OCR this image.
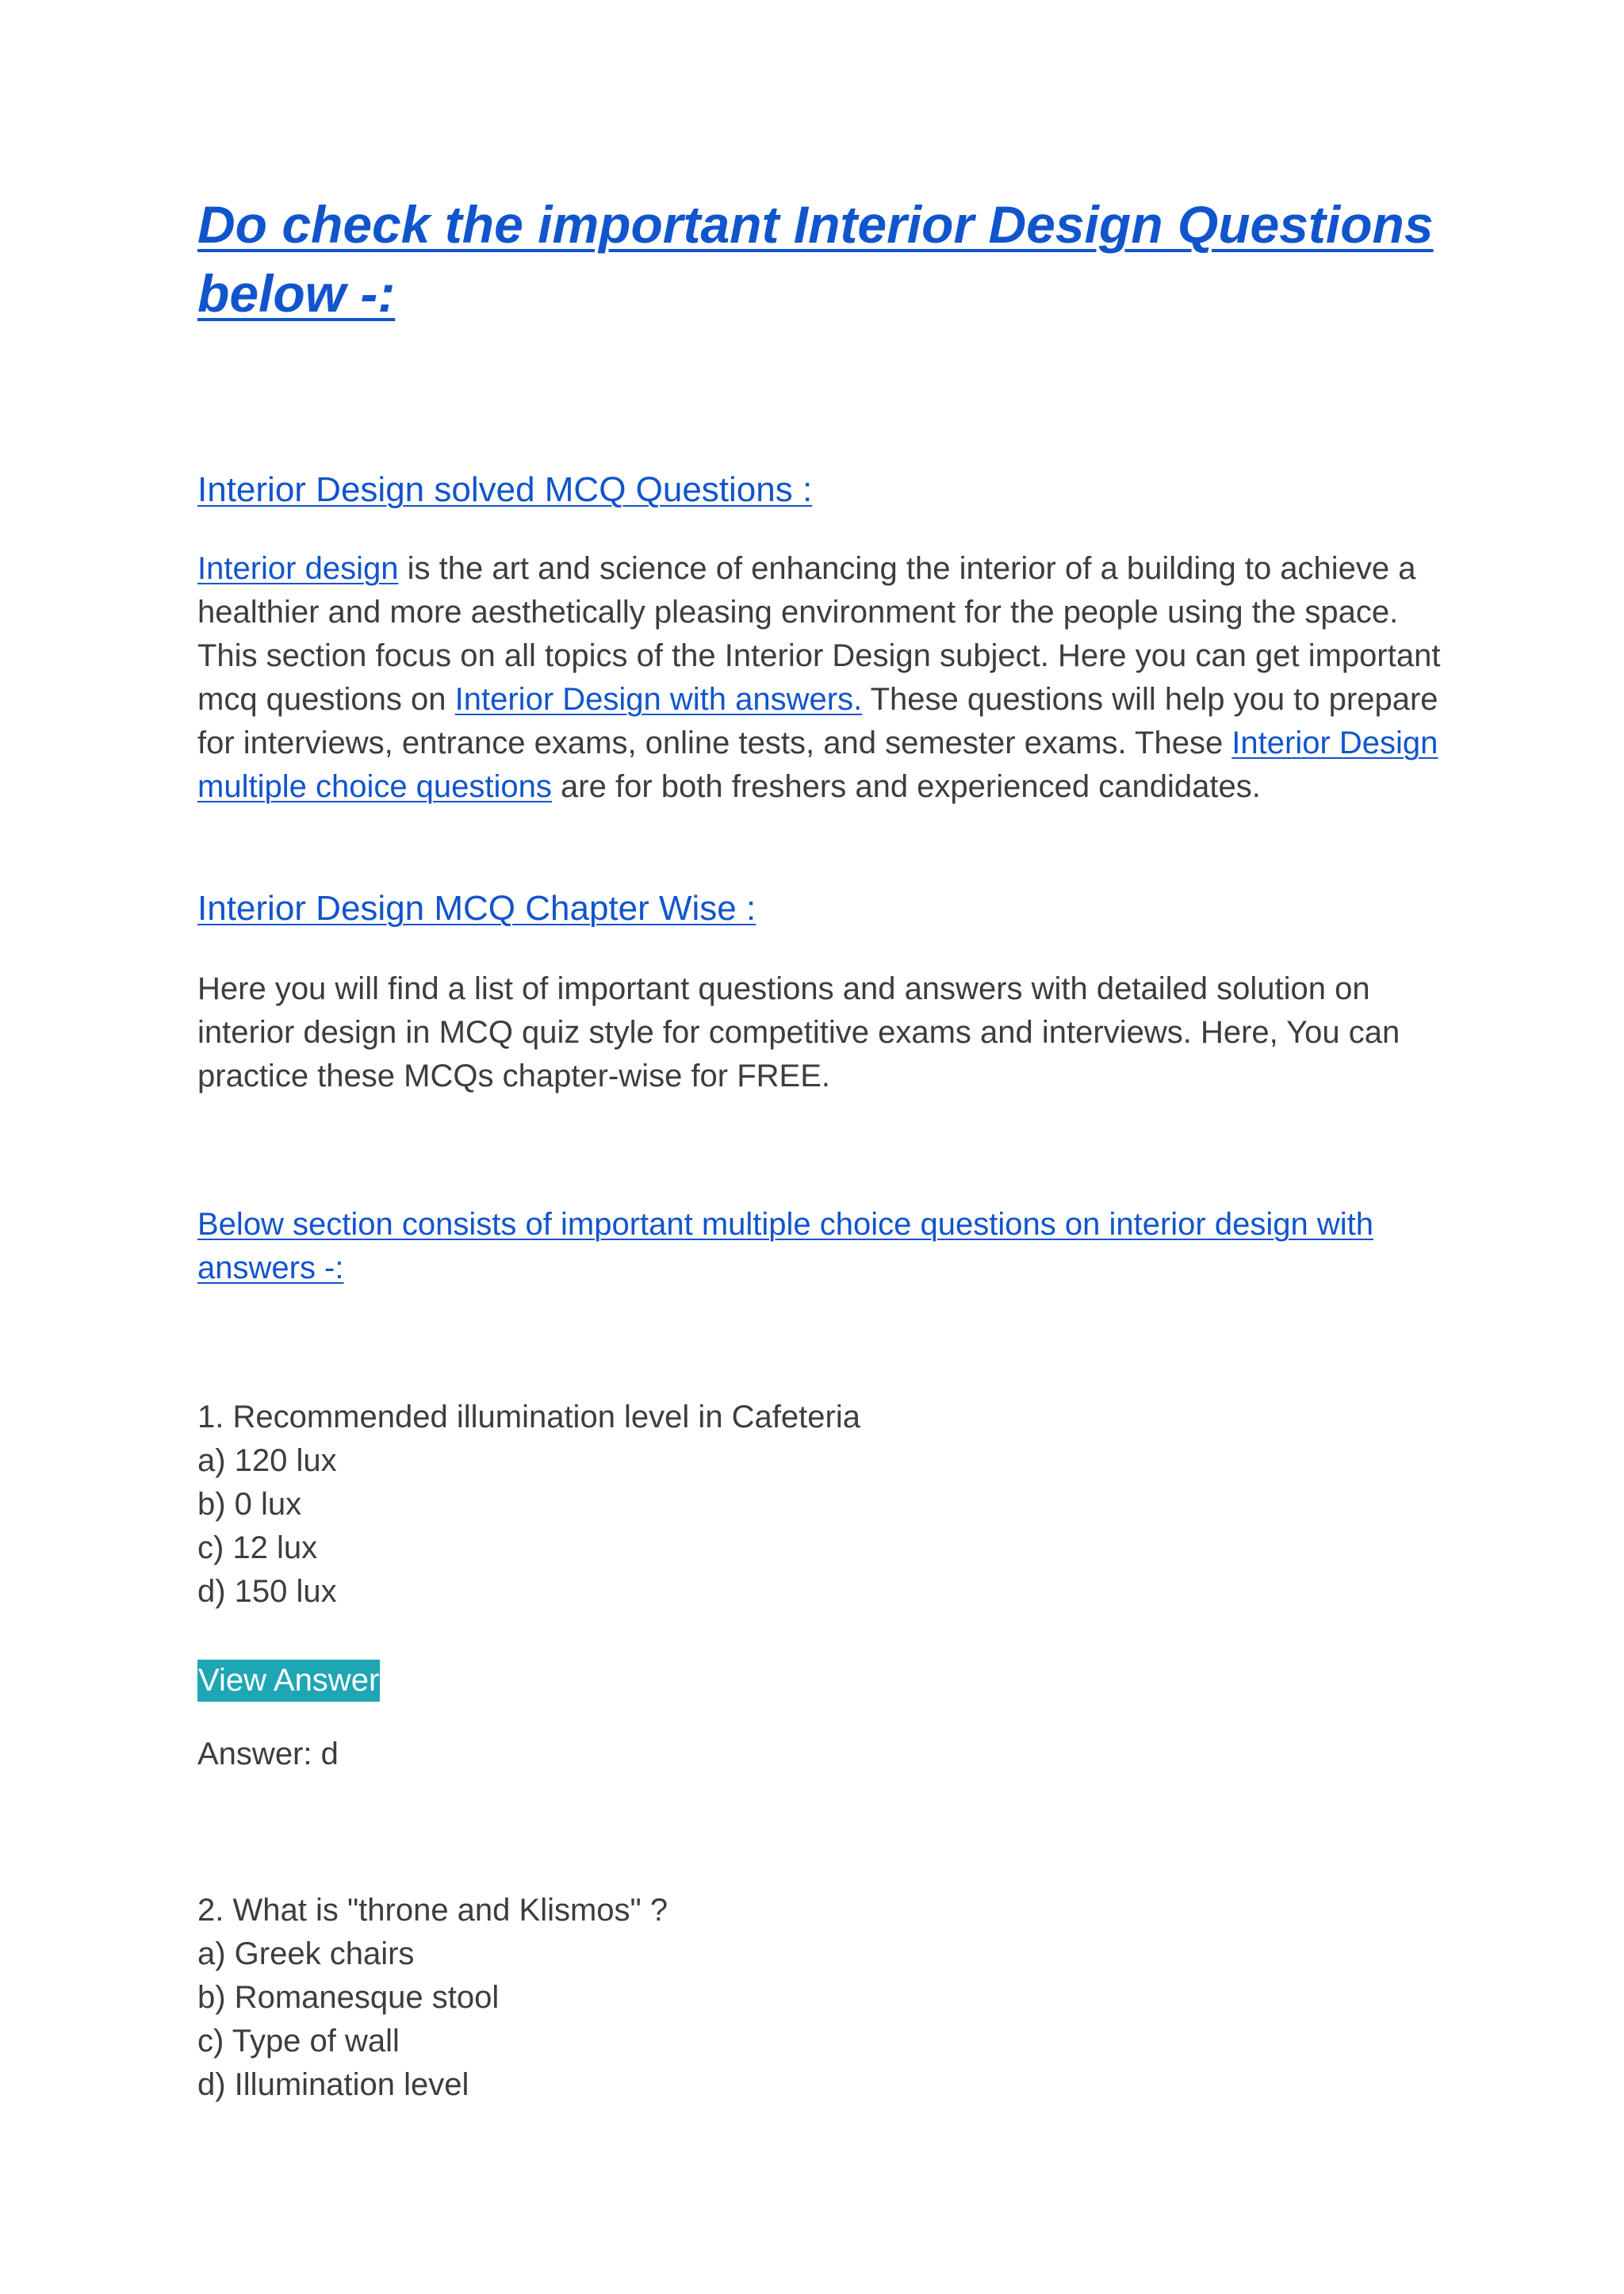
Do check the important Interior Design Questions below -:
Interior Design solved MCQ Questions :

Interior design is the art and science of enhancing the interior of a building to achieve a healthier and more aesthetically pleasing environment for the people using the space. This section focus on all topics of the Interior Design subject. Here you can get important mcq questions on Interior Design with answers. These questions will help you to prepare for interviews, entrance exams, online tests, and semester exams. These Interior Design multiple choice questions are for both freshers and experienced candidates.

Interior Design MCQ Chapter Wise :

Here you will find a list of important questions and answers with detailed solution on interior design in MCQ quiz style for competitive exams and interviews. Here, You can practice these MCQs chapter-wise for FREE.

Below section consists of important multiple choice questions on interior design with answers -:

1. Recommended illumination level in Cafeteria
a) 120 lux
b) 0 lux
c) 12 lux
d) 150 lux
View Answer

Answer: d

2. What is "throne and Klismos" ?
a) Greek chairs
b) Romanesque stool
c) Type of wall
d) Illumination level
